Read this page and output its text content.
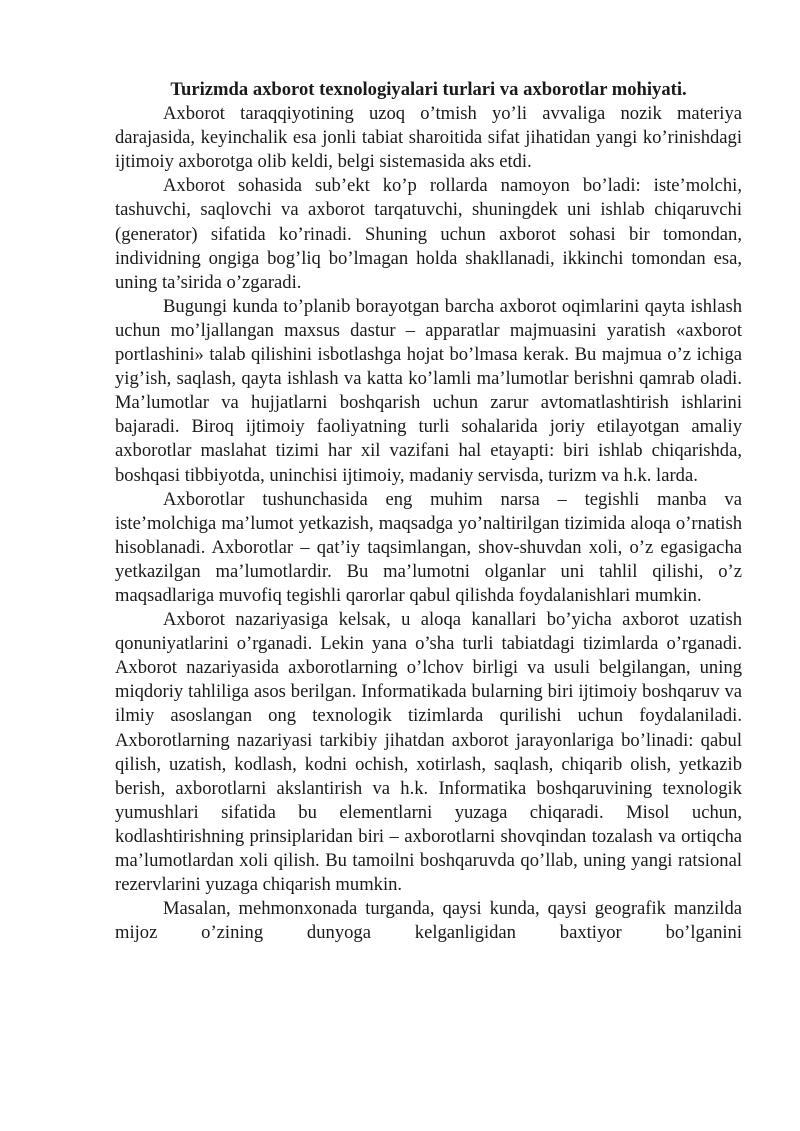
Turizmda axborot texnologiyalari turlari va axborotlar mohiyati.

Axborot taraqqiyotining uzoq o’tmish yo’li avvaliga nozik materiya darajasida, keyinchalik esa jonli tabiat sharoitida sifat jihatidan yangi ko’rinishdagi ijtimoiy axborotga olib keldi, belgi sistemasida aks etdi.

Axborot sohasida sub’ekt ko’p rollarda namoyon bo’ladi: iste’molchi, tashuvchi, saqlovchi va axborot tarqatuvchi, shuningdek uni ishlab chiqaruvchi (generator) sifatida ko’rinadi. Shuning uchun axborot sohasi bir tomondan, individning ongiga bog’liq bo’lmagan holda shakllanadi, ikkinchi tomondan esa, uning ta’sirida o’zgaradi.

Bugungi kunda to’planib borayotgan barcha axborot oqimlarini qayta ishlash uchun mo’ljallangan maxsus dastur – apparatlar majmuasini yaratish «axborot portlashini» talab qilishini isbotlashga hojat bo’lmasa kerak. Bu majmua o’z ichiga yig’ish, saqlash, qayta ishlash va katta ko’lamli ma’lumotlar berishni qamrab oladi. Ma’lumotlar va hujjatlarni boshqarish uchun zarur avtomatlashtirish ishlarini bajaradi. Biroq ijtimoiy faoliyatning turli sohalarida joriy etilayotgan amaliy axborotlar maslahat tizimi har xil vazifani hal etayapti: biri ishlab chiqarishda, boshqasi tibbiyotda, uninchisi ijtimoiy, madaniy servisda, turizm va h.k. larda.

Axborotlar tushunchasida eng muhim narsa – tegishli manba va iste’molchiga ma’lumot yetkazish, maqsadga yo’naltirilgan tizimida aloqa o’rnatish hisoblanadi. Axborotlar – qat’iy taqsimlangan, shov-shuvdan xoli, o’z egasigacha yetkazilgan ma’lumotlardir. Bu ma’lumotni olganlar uni tahlil qilishi, o’z maqsadlariga muvofiq tegishli qarorlar qabul qilishda foydalanishlari mumkin.

Axborot nazariyasiga kelsak, u aloqa kanallari bo’yicha axborot uzatish qonuniyatlarini o’rganadi. Lekin yana o’sha turli tabiatdagi tizimlarda o’rganadi. Axborot nazariyasida axborotlarning o’lchov birligi va usuli belgilangan, uning miqdoriy tahliliga asos berilgan. Informatikada bularning biri ijtimoiy boshqaruv va ilmiy asoslangan ong texnologik tizimlarda qurilishi uchun foydalaniladi. Axborotlarning nazariyasi tarkibiy jihatdan axborot jarayonlariga bo’linadi: qabul qilish, uzatish, kodlash, kodni ochish, xotirlash, saqlash, chiqarib olish, yetkazib berish, axborotlarni akslantirish va h.k. Informatika boshqaruvining texnologik yumushlari sifatida bu elementlarni yuzaga chiqaradi. Misol uchun, kodlashtirishning prinsiplaridan biri – axborotlarni shovqindan tozalash va ortiqcha ma’lumotlardan xoli qilish. Bu tamoilni boshqaruvda qo’llab, uning yangi ratsional rezervlarini yuzaga chiqarish mumkin.

Masalan, mehmonxonada turganda, qaysi kunda, qaysi geografik manzilda mijoz o’zining dunyoga kelganligidan baxtiyor bo’lganini
